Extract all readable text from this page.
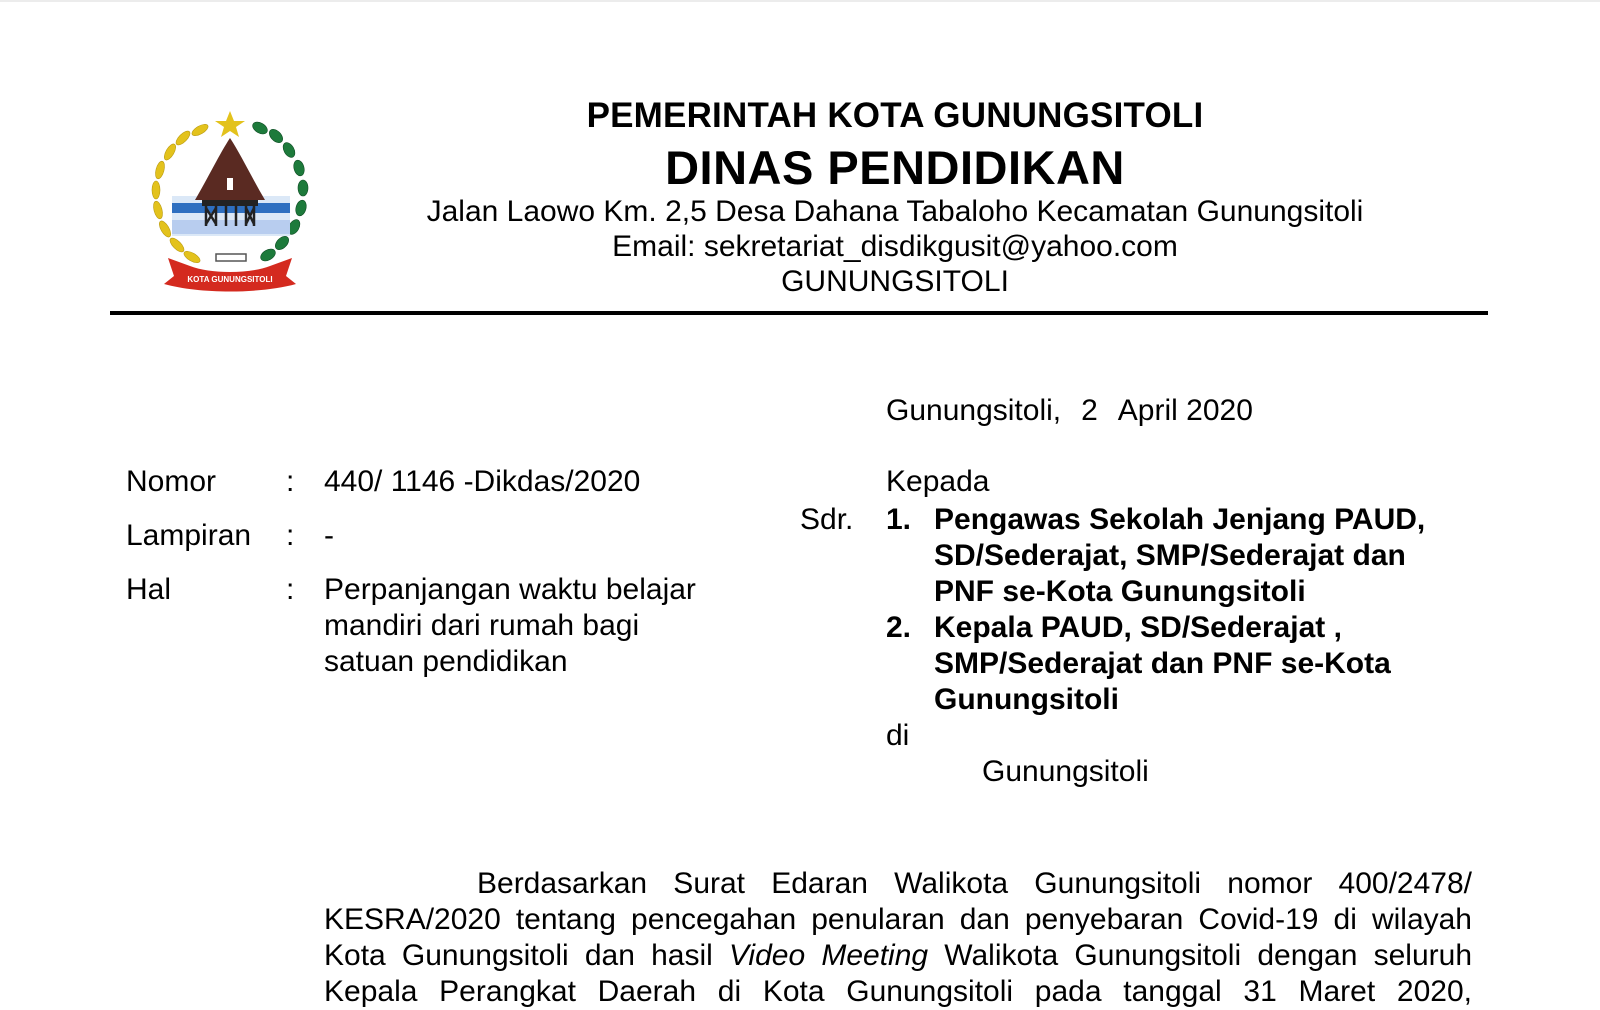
KOTA GUNUNGSITOLI
PEMERINTAH KOTA GUNUNGSITOLI
DINAS PENDIDIKAN
Jalan Laowo Km. 2,5 Desa Dahana Tabaloho Kecamatan Gunungsitoli
Email: sekretariat_disdikgusit@yahoo.com
GUNUNGSITOLI
Gunungsitoli, 2 April 2020
Nomor : 440/ 1146 -Dikdas/2020
Lampiran : -
Hal	: Perpanjangan waktu belajar
mandiri dari rumah bagi
satuan pendidikan
Kepada
Sdr. 1. Pengawas Sekolah Jenjang PAUD,
SD/Sederajat, SMP/Sederajat dan
PNF se-Kota Gunungsitoli
2. Kepala PAUD, SD/Sederajat ,
SMP/Sederajat dan PNF se-Kota
Gunungsitoli
di
Gunungsitoli
Berdasarkan Surat Edaran Walikota Gunungsitoli nomor 400/2478/
KESRA/2020 tentang pencegahan penularan dan penyebaran Covid-19 di wilayah
Kota Gunungsitoli dan hasil Video Meeting Walikota Gunungsitoli dengan seluruh
Kepala Perangkat Daerah di Kota Gunungsitoli pada tanggal 31 Maret 2020,
